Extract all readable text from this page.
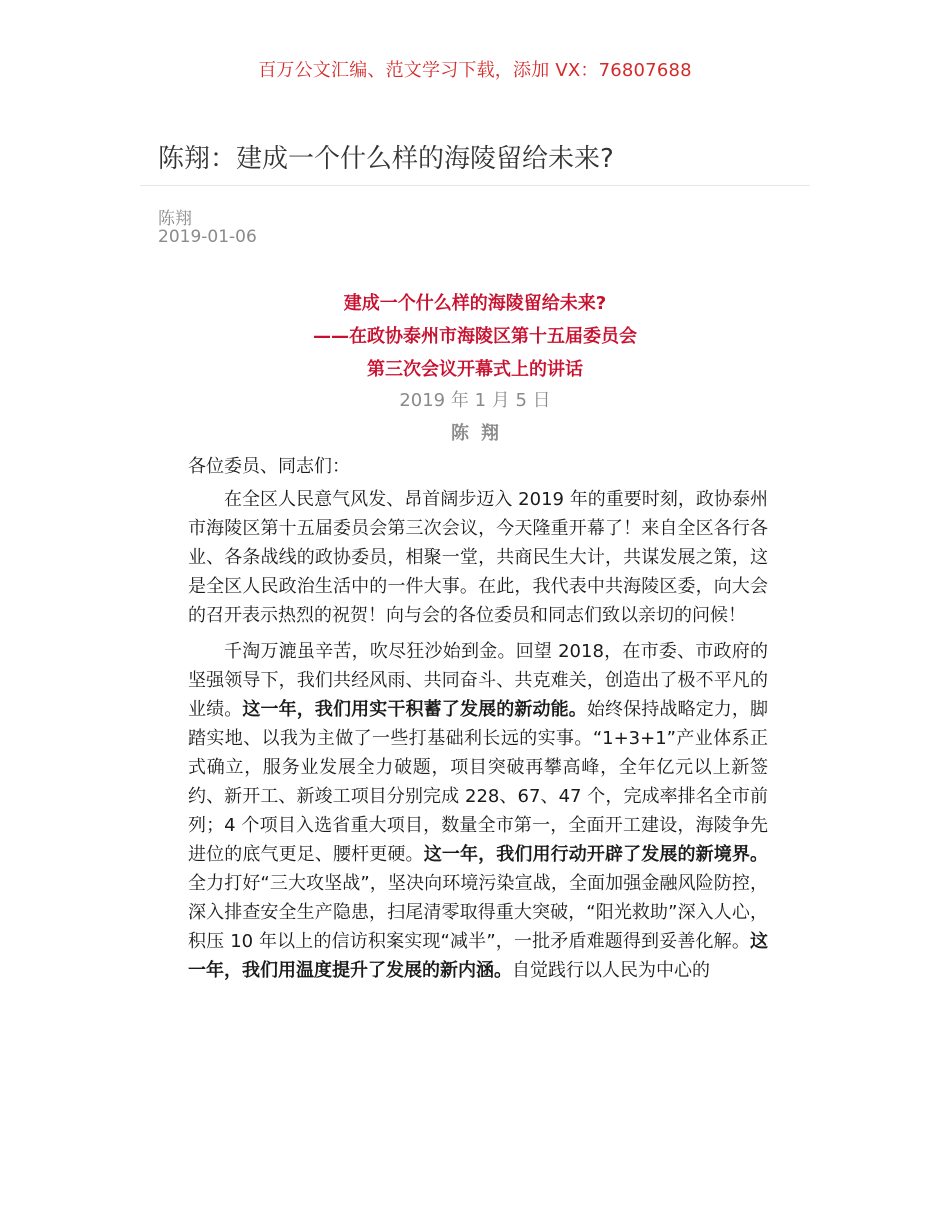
百万公文汇编、范文学习下载，添加 VX：76807688
陈翔：建成一个什么样的海陵留给未来?
陈翔
2019-01-06
建成一个什么样的海陵留给未来?
——在政协泰州市海陵区第十五届委员会
第三次会议开幕式上的讲话
2019 年 1 月 5 日
陈翔

各位委员、同志们：

在全区人民意气风发、昂首阔步迈入 2019 年的重要时刻，政协泰州市海陵区第十五届委员会第三次会议，今天隆重开幕了！来自全区各行各业、各条战线的政协委员，相聚一堂，共商民生大计，共谋发展之策，这是全区人民政治生活中的一件大事。在此，我代表中共海陵区委，向大会的召开表示热烈的祝贺！向与会的各位委员和同志们致以亲切的问候！

千淘万漉虽辛苦，吹尽狂沙始到金。回望 2018，在市委、市政府的坚强领导下，我们共经风雨、共同奋斗、共克难关，创造出了极不平凡的业绩。这一年，我们用实干积蓄了发展的新动能。始终保持战略定力，脚踏实地、以我为主做了一些打基础利长远的实事。“1+3+1”产业体系正式确立，服务业发展全力破题，项目突破再攀高峰，全年亿元以上新签约、新开工、新竣工项目分别完成 228、67、47 个，完成率排名全市前列；4 个项目入选省重大项目，数量全市第一，全面开工建设，海陵争先进位的底气更足、腰杆更硬。这一年，我们用行动开辟了发展的新境界。全力打好“三大攻坚战”，坚决向环境污染宣战，全面加强金融风险防控，深入排查安全生产隐患，扫尾清零取得重大突破，“阳光救助”深入人心，积压 10 年以上的信访积案实现“减半”，一批矛盾难题得到妥善化解。这一年，我们用温度提升了发展的新内涵。自觉践行以人民为中心的
